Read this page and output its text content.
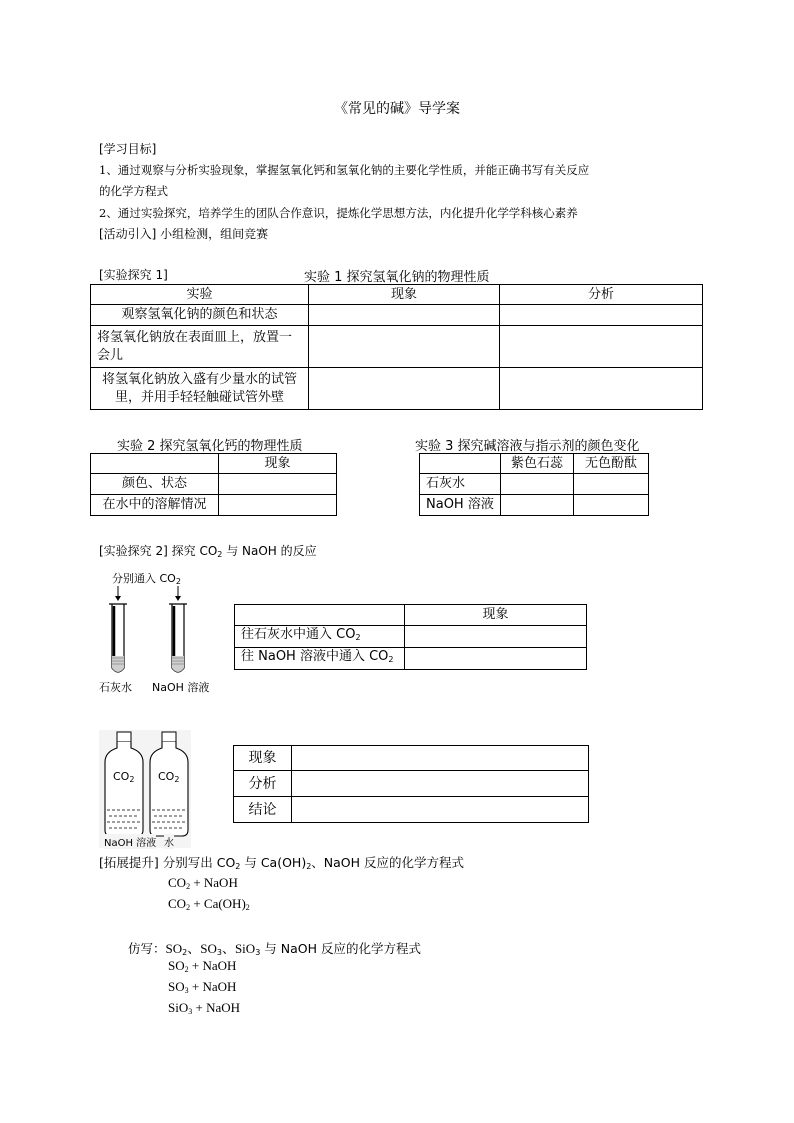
《常见的碱》导学案
[学习目标]
1、通过观察与分析实验现象，掌握氢氧化钙和氢氧化钠的主要化学性质，并能正确书写有关反应
的化学方程式
2、通过实验探究，培养学生的团队合作意识，提炼化学思想方法，内化提升化学学科核心素养
[活动引入] 小组检测，组间竞赛
[实验探究 1]	实验 1 探究氢氧化钠的物理性质
实验	现象	分析
观察氢氧化钠的颜色和状态		
将氢氧化钠放在表面皿上，放置一会儿		
将氢氧化钠放入盛有少量水的试管里，并用手轻轻触碰试管外壁		
实验 2 探究氢氧化钙的物理性质
	现象
颜色、状态	
在水中的溶解情况	
实验 3 探究碱溶液与指示剂的颜色变化
	紫色石蕊	无色酚酞
石灰水		
NaOH 溶液		
[实验探究 2] 探究 $CO_2$ 与 NaOH 的反应
分别通入 $CO_2$
石灰水 NaOH 溶液
	现象
往石灰水中通入 $CO_2$	
往 NaOH 溶液中通入 $CO_2$	
$CO_2$ $CO_2$
NaOH 溶液 水
现象	
分析	
结论	
[拓展提升] 分别写出 $CO_2$ 与 $Ca(OH)_2$、NaOH 反应的化学方程式
$CO_2$ + NaOH
$CO_2 + Ca(OH)_2$
仿写：$SO_2$、$SO_3$、SiO$_3$ 与 NaOH 反应的化学方程式
$SO_2$ + NaOH
$SO_3$ + NaOH
SiO$_3$ + NaOH
